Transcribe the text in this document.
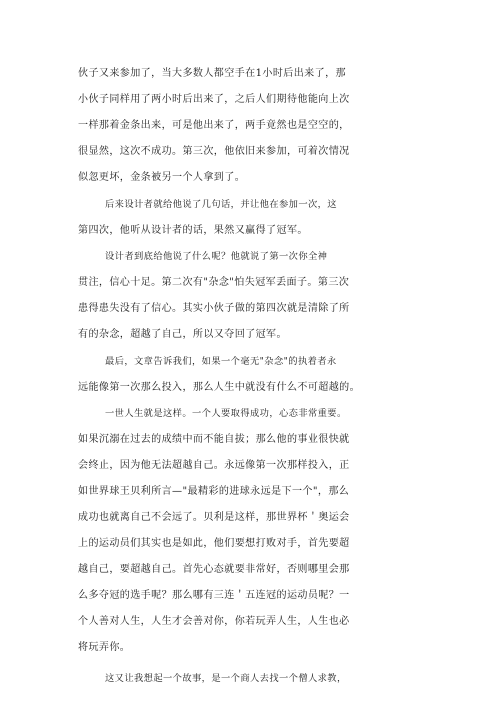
伙子又来参加了，当大多数人都空手在1小时后出来了，那
小伙子同样用了两小时后出来了，之后人们期待他能向上次
一样那着金条出来，可是他出来了，两手竟然也是空空的，
很显然，这次不成功。第三次，他依旧来参加，可着次情况
似忽更坏，金条被另一个人拿到了。
后来设计者就给他说了几句话，并让他在参加一次，这
第四次，他听从设计者的话，果然又赢得了冠军。
设计者到底给他说了什么呢？他就说了第一次你全神
贯注，信心十足。第二次有"杂念"怕失冠军丢面子。第三次
患得患失没有了信心。其实小伙子做的第四次就是清除了所
有的杂念，超越了自己，所以又夺回了冠军。
最后，文章告诉我们，如果一个毫无"杂念"的执着者永
远能像第一次那么投入，那么人生中就没有什么不可超越的。
一世人生就是这样。一个人要取得成功，心态非常重要。
如果沉溺在过去的成绩中而不能自拔；那么他的事业很快就
会终止，因为他无法超越自己。永远像第一次那样投入，正
如世界球王贝利所言—"最精彩的进球永远是下一个"，那么
成功也就离自己不会远了。贝利是这样，那世界杯＇奥运会
上的运动员们其实也是如此，他们要想打败对手，首先要超
越自己，要超越自己。首先心态就要非常好，否则哪里会那
么多夺冠的选手呢？那么哪有三连＇五连冠的运动员呢？一
个人善对人生，人生才会善对你，你若玩弄人生，人生也必
将玩弄你。
这又让我想起一个故事，是一个商人去找一个僧人求教，
